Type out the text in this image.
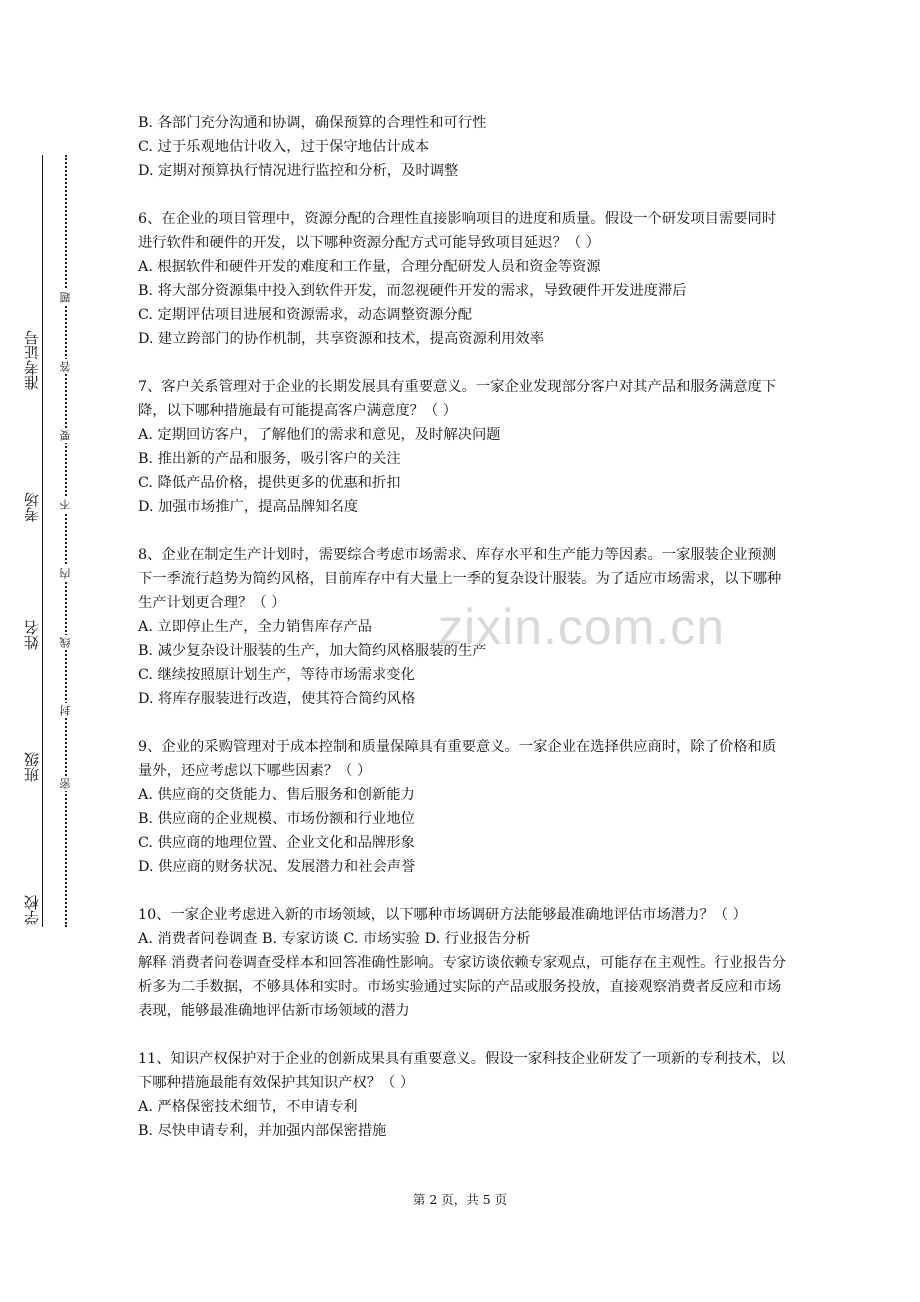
学校
班级
姓名
考场
准考证号
密
封
线
内
不
要
答
题

B. 各部门充分沟通和协调，确保预算的合理性和可行性

C. 过于乐观地估计收入，过于保守地估计成本

D. 定期对预算执行情况进行监控和分析，及时调整

6、在企业的项目管理中，资源分配的合理性直接影响项目的进度和质量。假设一个研发项目需要同时进行软件和硬件的开发，以下哪种资源分配方式可能导致项目延迟？（ ）

A. 根据软件和硬件开发的难度和工作量，合理分配研发人员和资金等资源

B. 将大部分资源集中投入到软件开发，而忽视硬件开发的需求，导致硬件开发进度滞后

C. 定期评估项目进展和资源需求，动态调整资源分配

D. 建立跨部门的协作机制，共享资源和技术，提高资源利用效率

7、客户关系管理对于企业的长期发展具有重要意义。一家企业发现部分客户对其产品和服务满意度下降，以下哪种措施最有可能提高客户满意度？（ ）

A. 定期回访客户，了解他们的需求和意见，及时解决问题

B. 推出新的产品和服务，吸引客户的关注

C. 降低产品价格，提供更多的优惠和折扣

D. 加强市场推广，提高品牌知名度

8、企业在制定生产计划时，需要综合考虑市场需求、库存水平和生产能力等因素。一家服装企业预测下一季流行趋势为简约风格，目前库存中有大量上一季的复杂设计服装。为了适应市场需求，以下哪种生产计划更合理？（ ）

A. 立即停止生产，全力销售库存产品

B. 减少复杂设计服装的生产，加大简约风格服装的生产

C. 继续按照原计划生产，等待市场需求变化

D. 将库存服装进行改造，使其符合简约风格

9、企业的采购管理对于成本控制和质量保障具有重要意义。一家企业在选择供应商时，除了价格和质量外，还应考虑以下哪些因素？（ ）

A. 供应商的交货能力、售后服务和创新能力

B. 供应商的企业规模、市场份额和行业地位

C. 供应商的地理位置、企业文化和品牌形象

D. 供应商的财务状况、发展潜力和社会声誉

10、一家企业考虑进入新的市场领域，以下哪种市场调研方法能够最准确地评估市场潜力？（ ）

A. 消费者问卷调查 B. 专家访谈 C. 市场实验 D. 行业报告分析

解释 消费者问卷调查受样本和回答准确性影响。专家访谈依赖专家观点，可能存在主观性。行业报告分析多为二手数据，不够具体和实时。市场实验通过实际的产品或服务投放，直接观察消费者反应和市场表现，能够最准确地评估新市场领域的潜力

11、知识产权保护对于企业的创新成果具有重要意义。假设一家科技企业研发了一项新的专利技术，以下哪种措施最能有效保护其知识产权？（ ）

A. 严格保密技术细节，不申请专利

B. 尽快申请专利，并加强内部保密措施

zixin.com.cn
第 2 页，共 5 页
